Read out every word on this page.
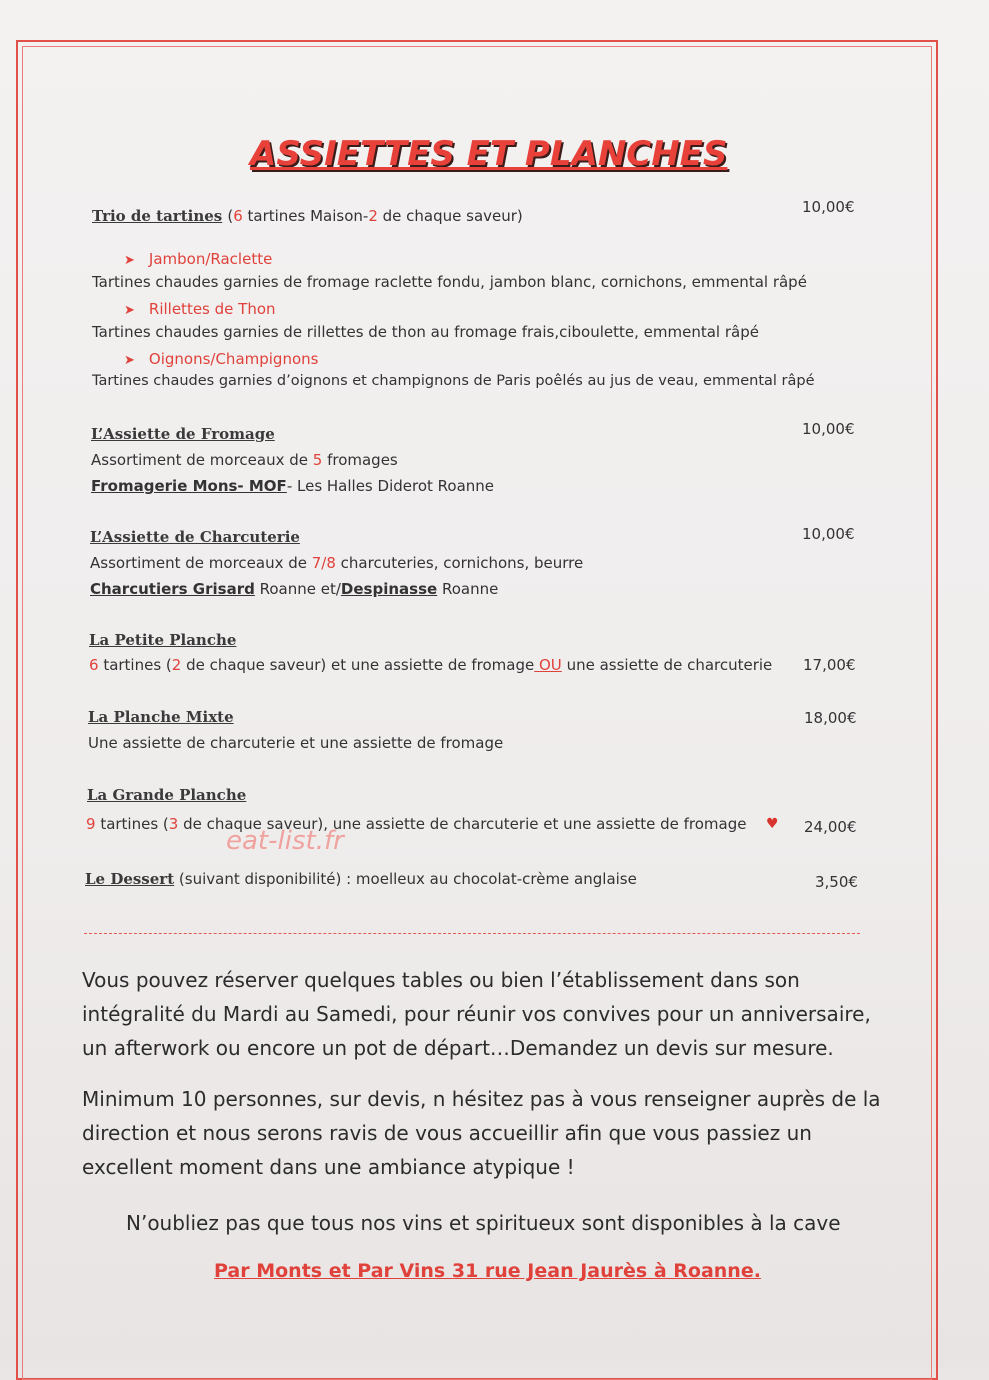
ASSIETTES ET PLANCHES
Trio de tartines (6 tartines Maison-2 de chaque saveur)	10,00€
➤ Jambon/Raclette
Tartines chaudes garnies de fromage raclette fondu, jambon blanc, cornichons, emmental râpé
➤ Rillettes de Thon
Tartines chaudes garnies de rillettes de thon au fromage frais,ciboulette, emmental râpé
➤ Oignons/Champignons
Tartines chaudes garnies d’oignons et champignons de Paris poêlés au jus de veau, emmental râpé
L’Assiette de Fromage	10,00€
Assortiment de morceaux de 5 fromages
Fromagerie Mons- MOF- Les Halles Diderot Roanne
L’Assiette de Charcuterie	10,00€
Assortiment de morceaux de 7/8 charcuteries, cornichons, beurre
Charcutiers Grisard Roanne et/Despinasse Roanne
La Petite Planche
6 tartines (2 de chaque saveur) et une assiette de fromage OU une assiette de charcuterie 17,00€
La Planche Mixte	18,00€
Une assiette de charcuterie et une assiette de fromage
La Grande Planche
9 tartines (3 de chaque saveur), une assiette de charcuterie et une assiette de fromage ♥ 24,00€
eat-list.fr
Le Dessert (suivant disponibilité) : moelleux au chocolat-crème anglaise	3,50€
Vous pouvez réserver quelques tables ou bien l’établissement dans son
intégralité du Mardi au Samedi, pour réunir vos convives pour un anniversaire,
un afterwork ou encore un pot de départ…Demandez un devis sur mesure.
Minimum 10 personnes, sur devis, n hésitez pas à vous renseigner auprès de la
direction et nous serons ravis de vous accueillir afin que vous passiez un
excellent moment dans une ambiance atypique !
N’oubliez pas que tous nos vins et spiritueux sont disponibles à la cave
Par Monts et Par Vins 31 rue Jean Jaurès à Roanne.
